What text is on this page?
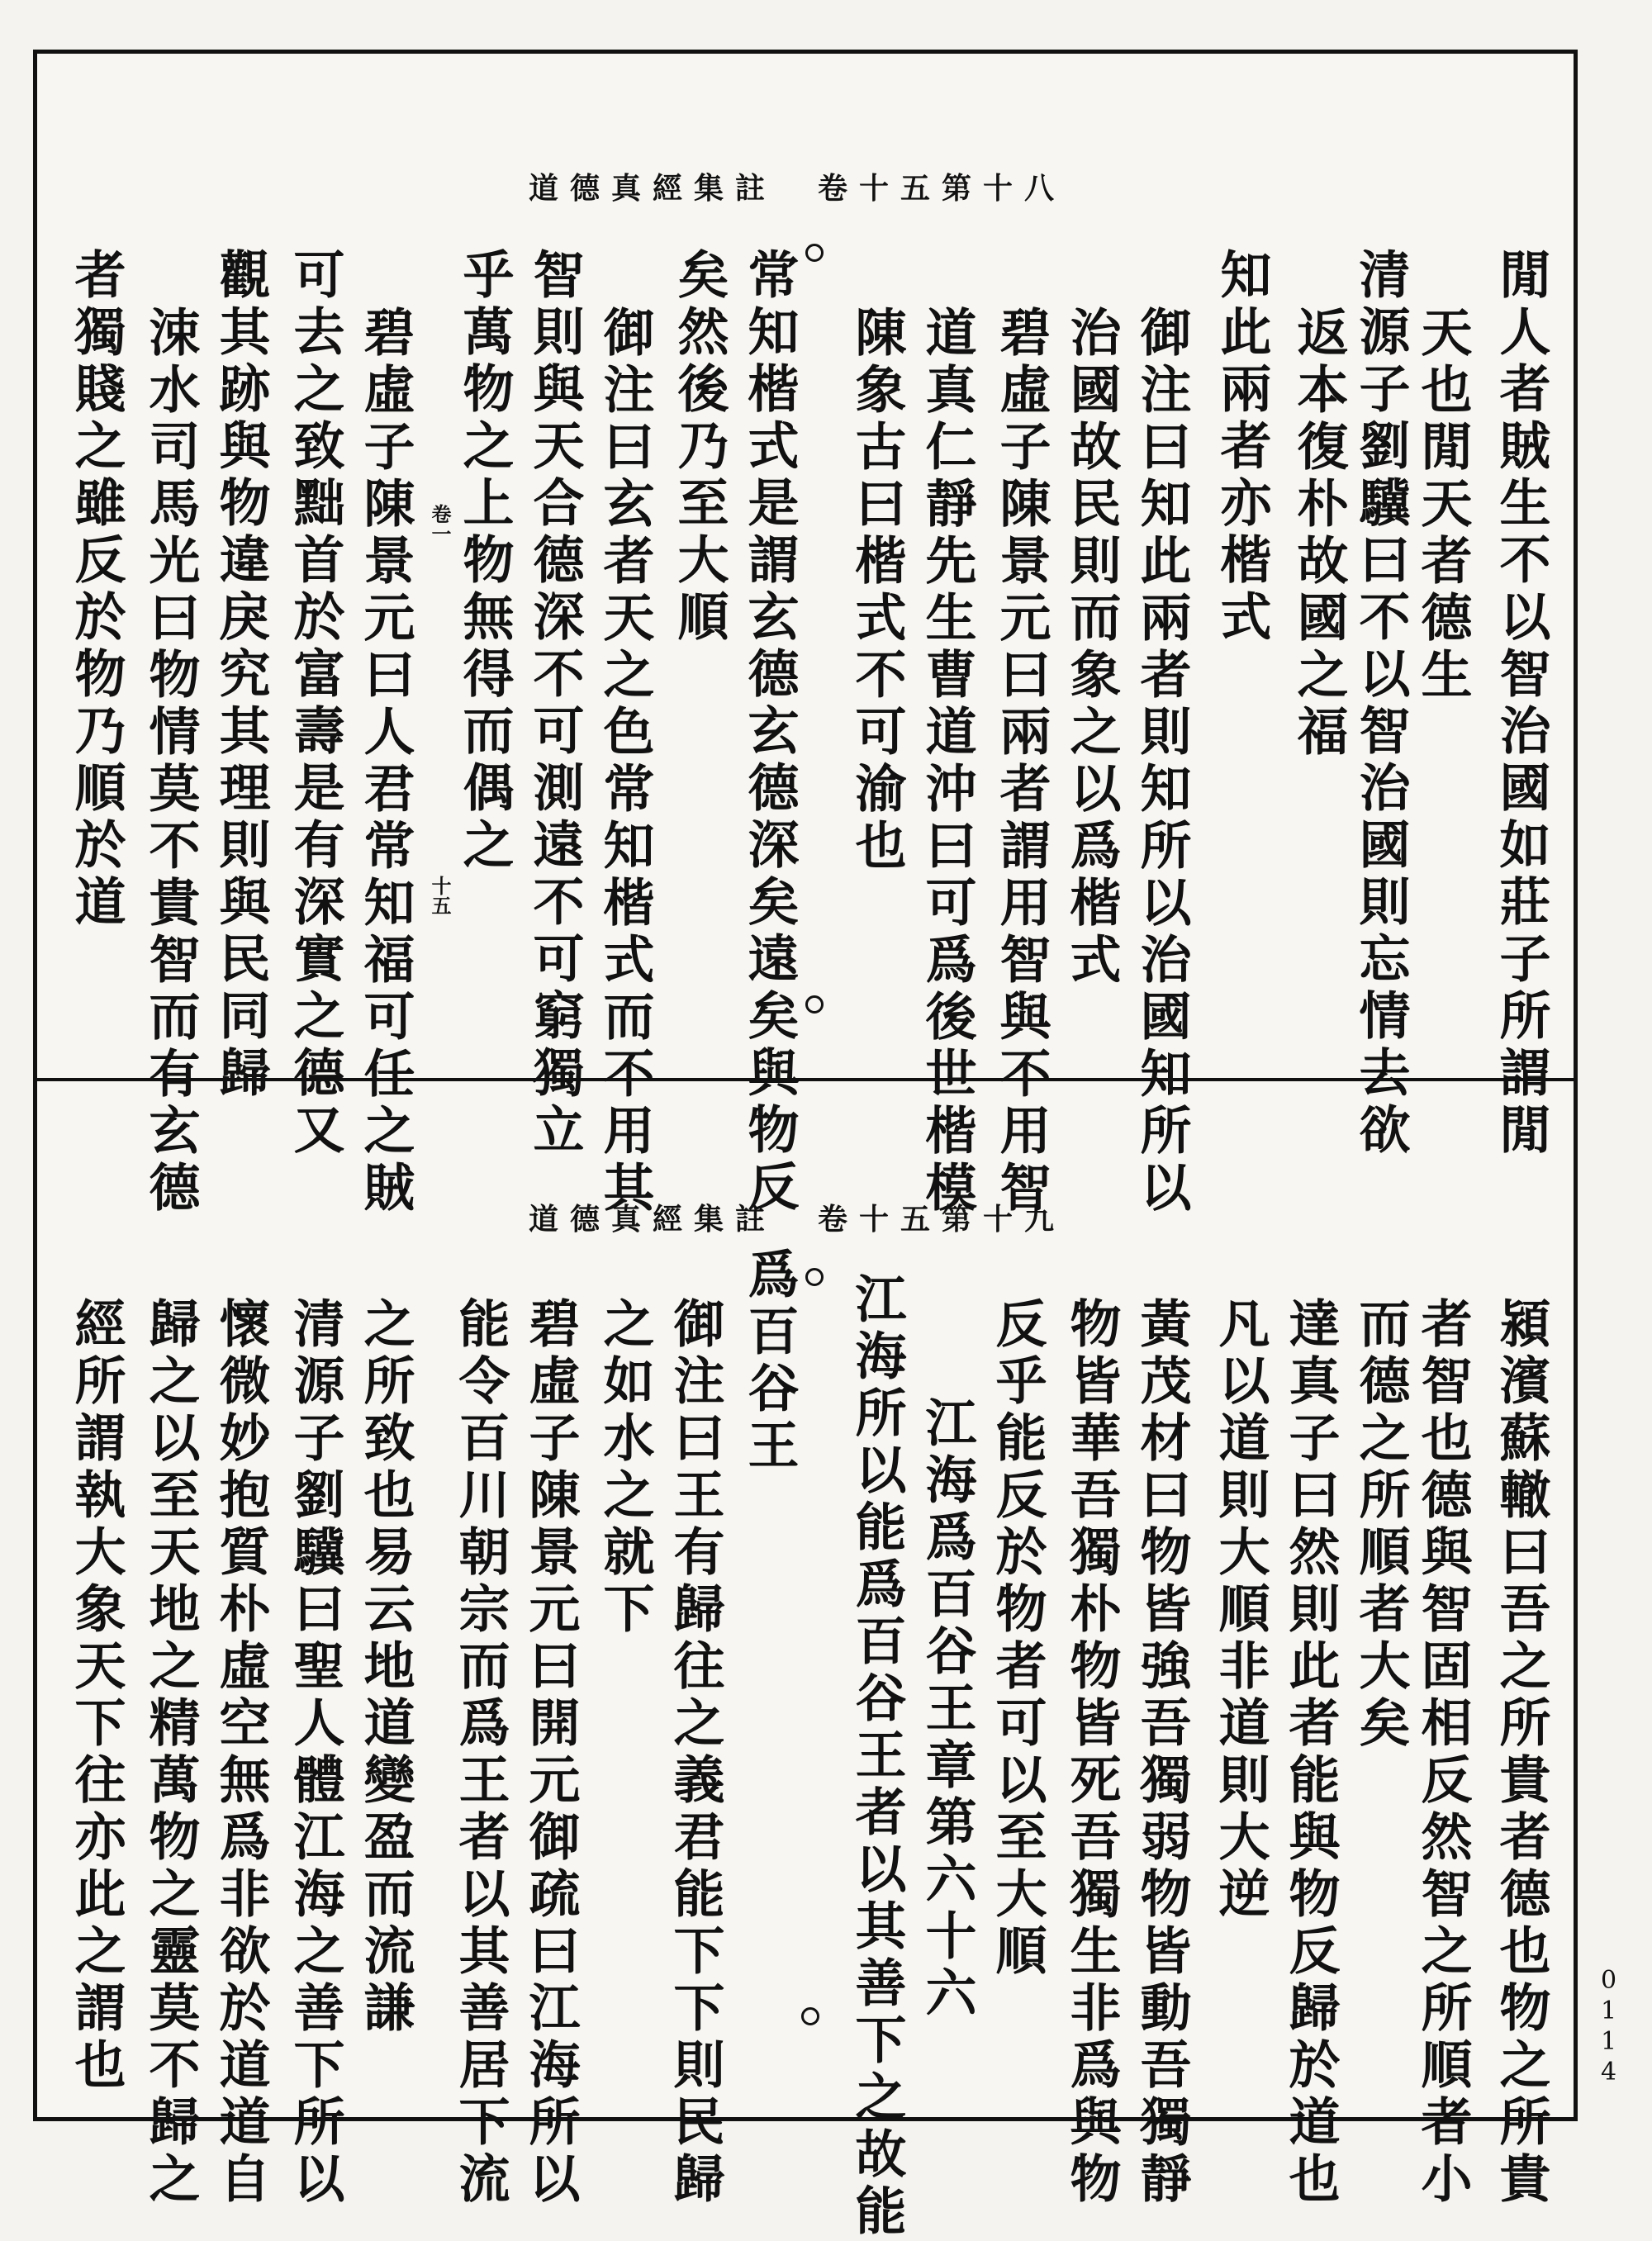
道德真經集註　卷十五第十八
閒人者賊生不以智治國如莊子所謂閒
天也閒天者德生
清源子劉驥曰不以智治國則忘情去欲
返本復朴故國之福
知此兩者亦楷式
御注曰知此兩者則知所以治國知所以
治國故民則而象之以爲楷式
碧虛子陳景元曰兩者謂用智與不用智
道真仁靜先生曹道沖曰可爲後世楷模
陳象古曰楷式不可渝也
常知楷式是謂玄德玄德深矣遠矣與物反
矣然後乃至大順
御注曰玄者天之色常知楷式而不用其
智則與天合德深不可測遠不可窮獨立
乎萬物之上物無得而偶之
碧虛子陳景元曰人君常知福可任之賊
可去之致黜首於富壽是有深實之德又
觀其跡與物違戾究其理則與民同歸
涑水司馬光曰物情莫不貴智而有玄德
者獨賤之雖反於物乃順於道	十五
卷一
道德真經集註　卷十五第十九
潁濱蘇轍曰吾之所貴者德也物之所貴
者智也德與智固相反然智之所順者小
而德之所順者大矣
達真子曰然則此者能與物反歸於道也
凡以道則大順非道則大逆
黃茂材曰物皆強吾獨弱物皆動吾獨靜
物皆華吾獨朴物皆死吾獨生非爲與物
反乎能反於物者可以至大順
江海爲百谷王章第六十六
江海所以能爲百谷王者以其善下之故能
爲百谷王
御注曰王有歸往之義君能下下則民歸
之如水之就下
碧虛子陳景元曰開元御疏曰江海所以
能令百川朝宗而爲王者以其善居下流
之所致也易云地道變盈而流謙
清源子劉驥曰聖人體江海之善下所以
懷微妙抱質朴虛空無爲非欲於道道自
歸之以至天地之精萬物之靈莫不歸之
經所謂執大象天下往亦此之謂也	0114
